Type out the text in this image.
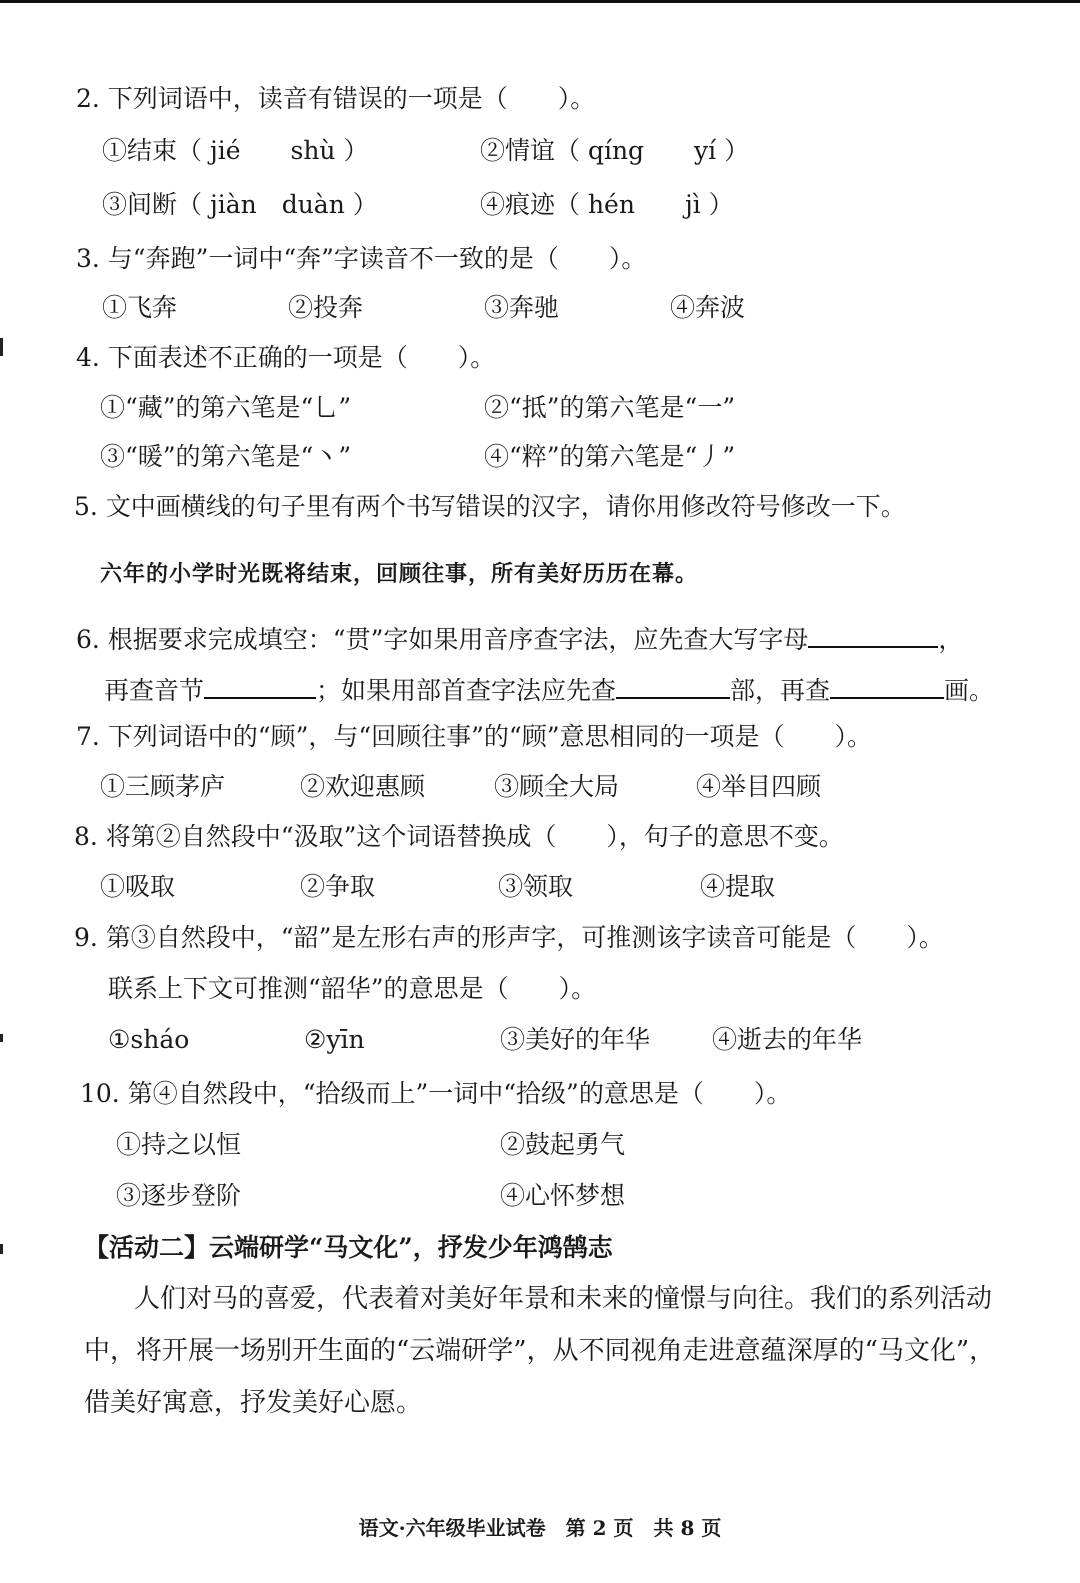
2. 下列词语中，读音有错误的一项是（　　）。
①结束（ jié　　shù ）	②情谊（ qíng　　yí ）
③间断（ jiàn　duàn ）	④痕迹（ hén　　jì ）
3. 与“奔跑”一词中“奔”字读音不一致的是（　　）。
①飞奔	②投奔	③奔驰	④奔波
4. 下面表述不正确的一项是（　　）。
①“藏”的第六笔是“乚”	②“抵”的第六笔是“一”
③“暖”的第六笔是“丶”	④“粹”的第六笔是“丿”
5. 文中画横线的句子里有两个书写错误的汉字，请你用修改符号修改一下。
六年的小学时光既将结束，回顾往事，所有美好历历在幕。
6. 根据要求完成填空：“贯”字如果用音序查字法，应先查大写字母	，
再查音节	；如果用部首查字法应先查	部，再查	画。
7. 下列词语中的“顾”，与“回顾往事”的“顾”意思相同的一项是（　　）。
①三顾茅庐	②欢迎惠顾	③顾全大局	④举目四顾
8. 将第②自然段中“汲取”这个词语替换成（　　），句子的意思不变。
①吸取	②争取	③领取	④提取
9. 第③自然段中，“韶”是左形右声的形声字，可推测该字读音可能是（　　）。
联系上下文可推测“韶华”的意思是（　　）。
①sháo	②yīn	③美好的年华 ④逝去的年华
10. 第④自然段中，“拾级而上”一词中“拾级”的意思是（　　）。
①持之以恒	②鼓起勇气
③逐步登阶	④心怀梦想
【活动二】云端研学“马文化”，抒发少年鸿鹄志
人们对马的喜爱，代表着对美好年景和未来的憧憬与向往。我们的系列活动
中，将开展一场别开生面的“云端研学”，从不同视角走进意蕴深厚的“马文化”，
借美好寓意，抒发美好心愿。
语文·六年级毕业试卷　第 2 页　共 8 页
